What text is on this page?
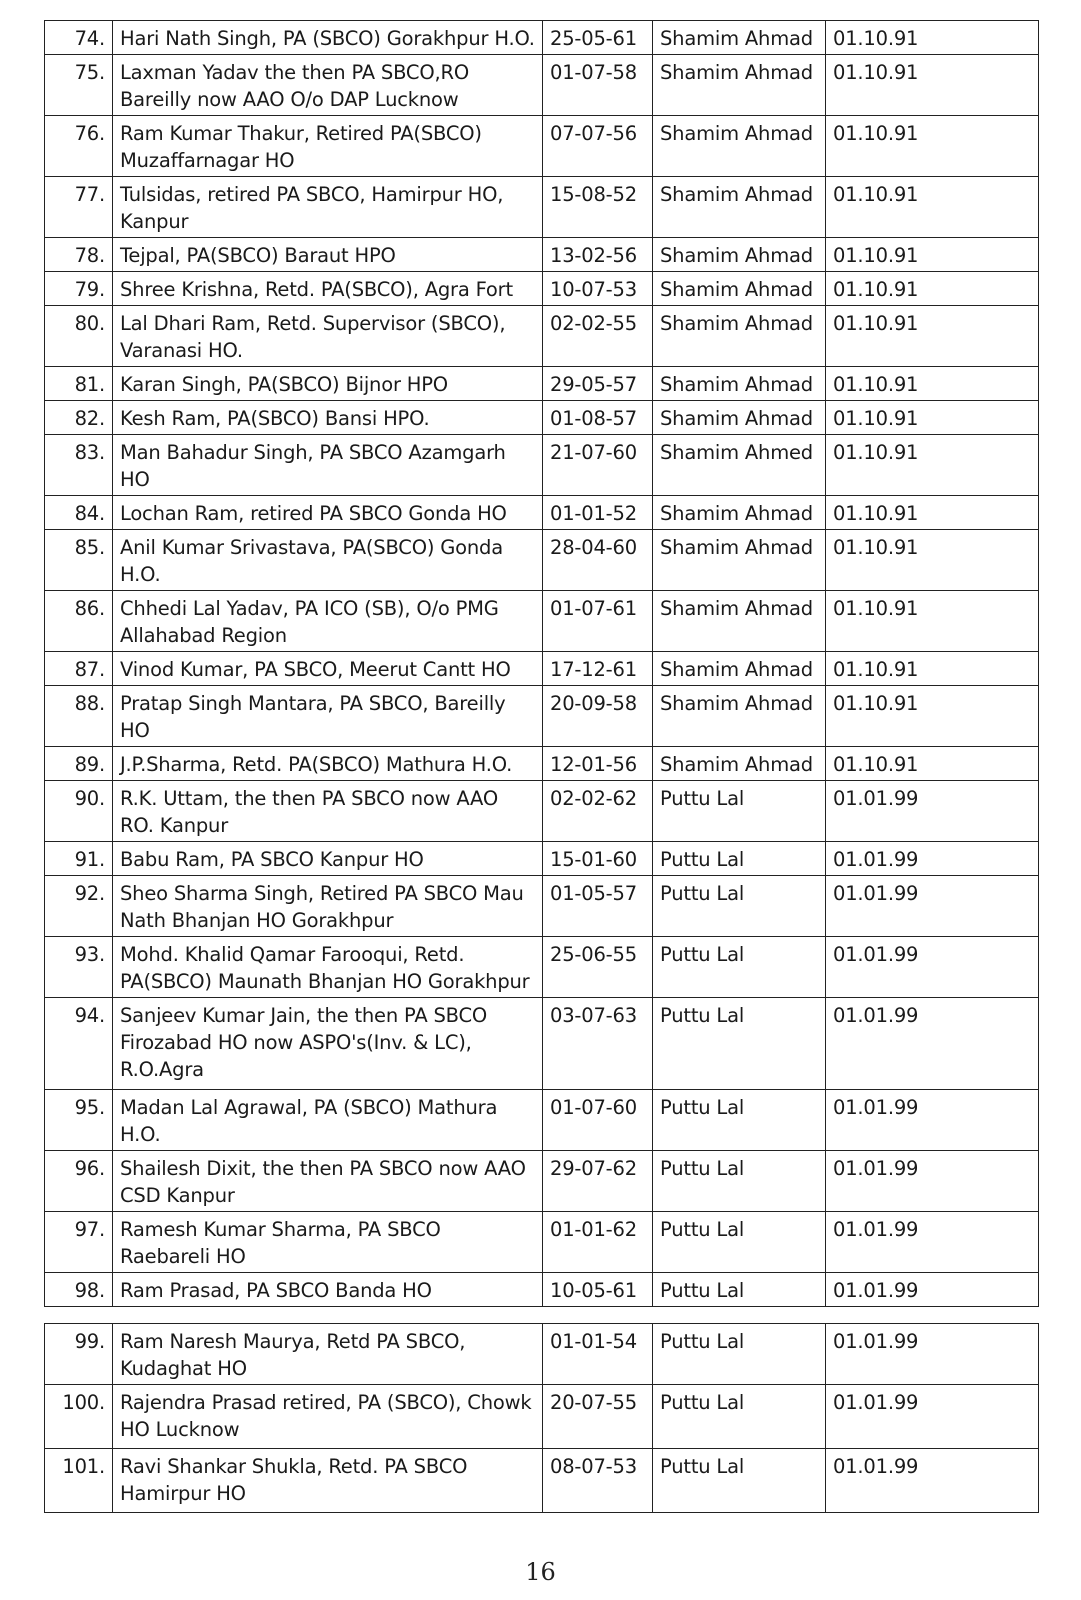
74.	Hari Nath Singh, PA (SBCO) Gorakhpur H.O.	25-05-61	Shamim Ahmad	01.10.91
75.	Laxman Yadav the then PA SBCO,RO Bareilly now AAO O/o DAP Lucknow	01-07-58	Shamim Ahmad	01.10.91
76.	Ram Kumar Thakur, Retired PA(SBCO) Muzaffarnagar HO	07-07-56	Shamim Ahmad	01.10.91
77.	Tulsidas, retired PA SBCO, Hamirpur HO, Kanpur	15-08-52	Shamim Ahmad	01.10.91
78.	Tejpal, PA(SBCO) Baraut HPO	13-02-56	Shamim Ahmad	01.10.91
79.	Shree Krishna, Retd. PA(SBCO), Agra Fort	10-07-53	Shamim Ahmad	01.10.91
80.	Lal Dhari Ram, Retd. Supervisor (SBCO), Varanasi HO.	02-02-55	Shamim Ahmad	01.10.91
81.	Karan Singh, PA(SBCO) Bijnor HPO	29-05-57	Shamim Ahmad	01.10.91
82.	Kesh Ram, PA(SBCO) Bansi HPO.	01-08-57	Shamim Ahmad	01.10.91
83.	Man Bahadur Singh, PA SBCO Azamgarh HO	21-07-60	Shamim Ahmed	01.10.91
84.	Lochan Ram, retired PA SBCO Gonda HO	01-01-52	Shamim Ahmad	01.10.91
85.	Anil Kumar Srivastava, PA(SBCO) Gonda H.O.	28-04-60	Shamim Ahmad	01.10.91
86.	Chhedi Lal Yadav, PA ICO (SB), O/o PMG Allahabad Region	01-07-61	Shamim Ahmad	01.10.91
87.	Vinod Kumar, PA SBCO, Meerut Cantt HO	17-12-61	Shamim Ahmad	01.10.91
88.	Pratap Singh Mantara, PA SBCO, Bareilly HO	20-09-58	Shamim Ahmad	01.10.91
89.	J.P.Sharma, Retd. PA(SBCO) Mathura H.O.	12-01-56	Shamim Ahmad	01.10.91
90.	R.K. Uttam, the then PA SBCO now AAO RO. Kanpur	02-02-62	Puttu Lal	01.01.99
91.	Babu Ram, PA SBCO Kanpur HO	15-01-60	Puttu Lal	01.01.99
92.	Sheo Sharma Singh, Retired PA SBCO Mau Nath Bhanjan HO Gorakhpur	01-05-57	Puttu Lal	01.01.99
93.	Mohd. Khalid Qamar Farooqui, Retd. PA(SBCO) Maunath Bhanjan HO Gorakhpur	25-06-55	Puttu Lal	01.01.99
94.	Sanjeev Kumar Jain, the then PA SBCO Firozabad HO now ASPO's(Inv. & LC), R.O.Agra	03-07-63	Puttu Lal	01.01.99
95.	Madan Lal Agrawal, PA (SBCO) Mathura H.O.	01-07-60	Puttu Lal	01.01.99
96.	Shailesh Dixit, the then PA SBCO now AAO CSD Kanpur	29-07-62	Puttu Lal	01.01.99
97.	Ramesh Kumar Sharma, PA SBCO Raebareli HO	01-01-62	Puttu Lal	01.01.99
98.	Ram Prasad, PA SBCO Banda HO	10-05-61	Puttu Lal	01.01.99
99.	Ram Naresh Maurya, Retd PA SBCO, Kudaghat HO	01-01-54	Puttu Lal	01.01.99
100.	Rajendra Prasad retired, PA (SBCO), Chowk HO Lucknow	20-07-55	Puttu Lal	01.01.99
101.	Ravi Shankar Shukla, Retd. PA SBCO Hamirpur HO	08-07-53	Puttu Lal	01.01.99
16
